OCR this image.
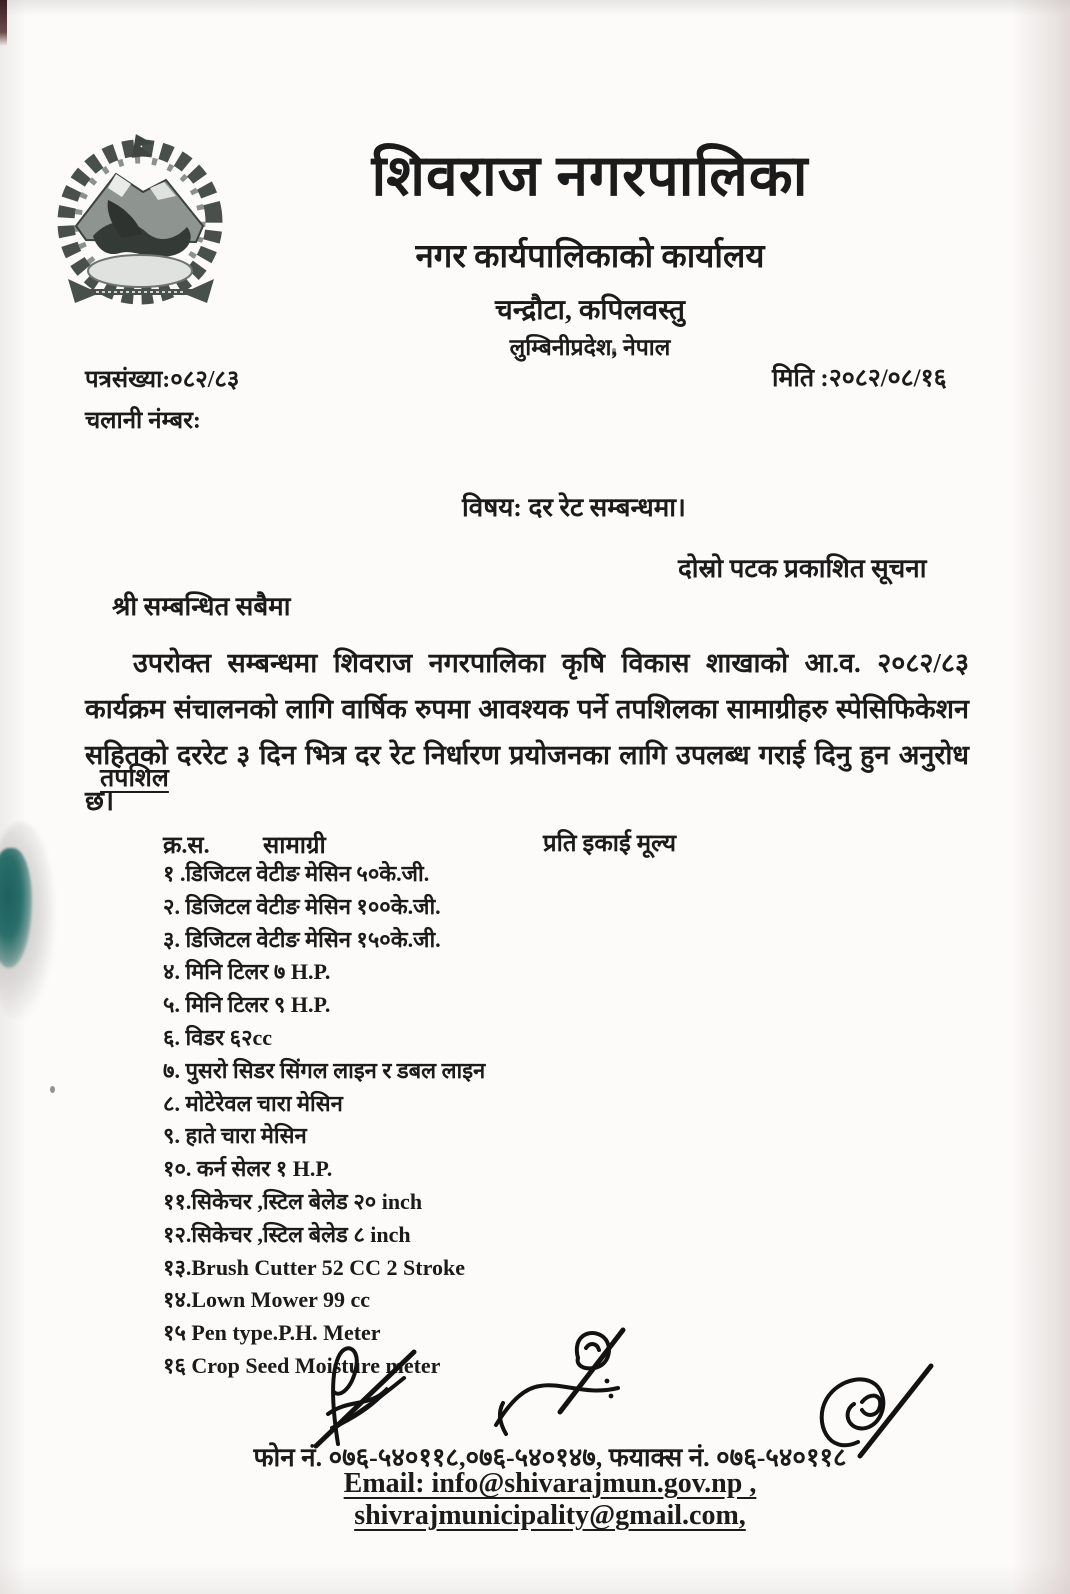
शिवराज नगरपालिका
नगर कार्यपालिकाको कार्यालय
चन्द्रौटा, कपिलवस्तु
लुम्बिनीप्रदेश, नेपाल
पत्रसंख्या:०८२/८३	मिति :२०८२/०८/१६
चलानी नंम्बर:
विषय: दर रेट सम्बन्धमा।
दोस्रो पटक प्रकाशित सूचना
श्री सम्बन्धित सबैमा
उपरोक्त सम्बन्धमा शिवराज नगरपालिका कृषि विकास शाखाको आ.व. २०८२/८३ कार्यक्रम संचालनको लागि वार्षिक रुपमा आवश्यक पर्ने तपशिलका सामाग्रीहरु स्पेसिफिकेशन सहितको दररेट ३ दिन भित्र दर रेट निर्धारण प्रयोजनका लागि उपलब्ध गराई दिनु हुन अनुरोध छ।
तपशिल
क्र.स. सामाग्री	प्रति इकाई मूल्य
१ .डिजिटल वेटीङ मेसिन ५०के.जी.
२. डिजिटल वेटीङ मेसिन १००के.जी.
३. डिजिटल वेटीङ मेसिन १५०के.जी.
४. मिनि टिलर ७ H.P.
५. मिनि टिलर ९ H.P.
६. विडर ६२cc
७. पुसरो सिडर सिंगल लाइन र डबल लाइन
८. मोटेरेवल चारा मेसिन
९. हाते चारा मेसिन
१०. कर्न सेलर १ H.P.
११.सिकेचर ,स्टिल बेलेड २० inch
१२.सिकेचर ,स्टिल बेलेड ८ inch
१३.Brush Cutter 52 CC 2 Stroke
१४.Lown Mower 99 cc
१५ Pen type.P.H. Meter
१६ Crop Seed Moisture meter
फोन नं. ०७६-५४०११८,०७६-५४०१४७, फयाक्स नं. ०७६-५४०११८
Email: info@shivarajmun.gov.np , shivrajmunicipality@gmail.com,
